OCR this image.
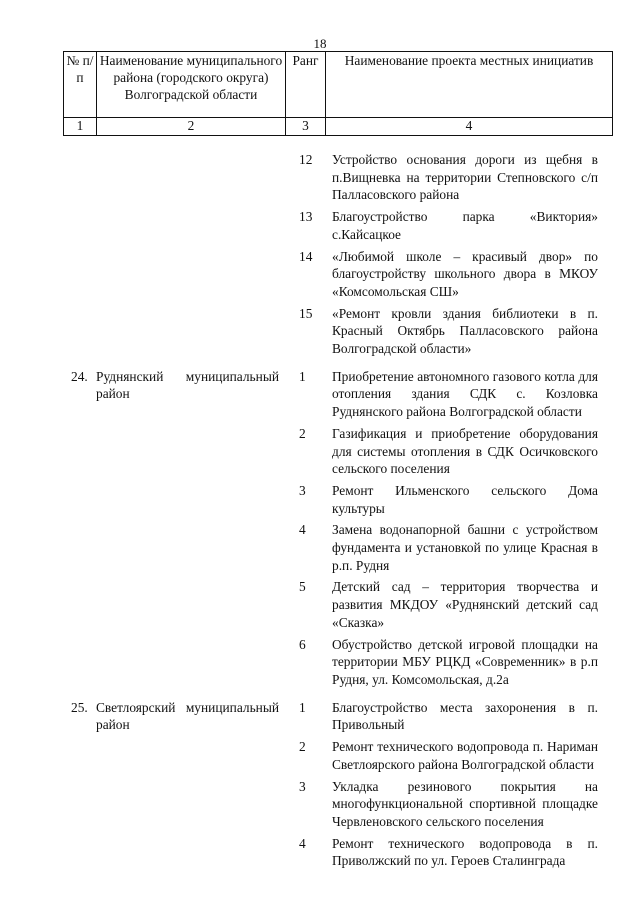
18
№ п/п	Наименование муниципального района (городского округа) Волгоградской области	Ранг	Наименование проекта местных инициатив
1	2	3	4
		12	Устройство основания дороги из щебня в п.Вищневка на территории Степновского с/п Палласовского района
		13	Благоустройство парка «Виктория» с.Кайсацкое
		14	«Любимой школе – красивый двор» по благоустройству школьного двора в МКОУ «Комсомольская СШ»
		15	«Ремонт кровли здания библиотеки в п. Красный Октябрь Палласовского района Волгоградской области»
24.	Руднянский муниципальный район	1	Приобретение автономного газового котла для отопления здания СДК с. Козловка Руднянского района Волгоградской области
		2	Газификация и приобретение оборудования для системы отопления в СДК Осичковского сельского поселения
		3	Ремонт Ильменского сельского Дома культуры
		4	Замена водонапорной башни с устройством фундамента и установкой по улице Красная в р.п. Рудня
		5	Детский сад – территория творчества и развития МКДОУ «Руднянский детский сад «Сказка»
		6	Обустройство детской игровой площадки на территории МБУ РЦКД «Современник» в р.п Рудня, ул. Комсомольская, д.2а
25.	Светлоярский муниципальный район	1	Благоустройство места захоронения в п. Привольный
		2	Ремонт технического водопровода п. Нариман Светлоярского района Волгоградской области
		3	Укладка резинового покрытия на многофункциональной спортивной площадке Червленовского сельского поселения
		4	Ремонт технического водопровода в п. Приволжский по ул. Героев Сталинграда
